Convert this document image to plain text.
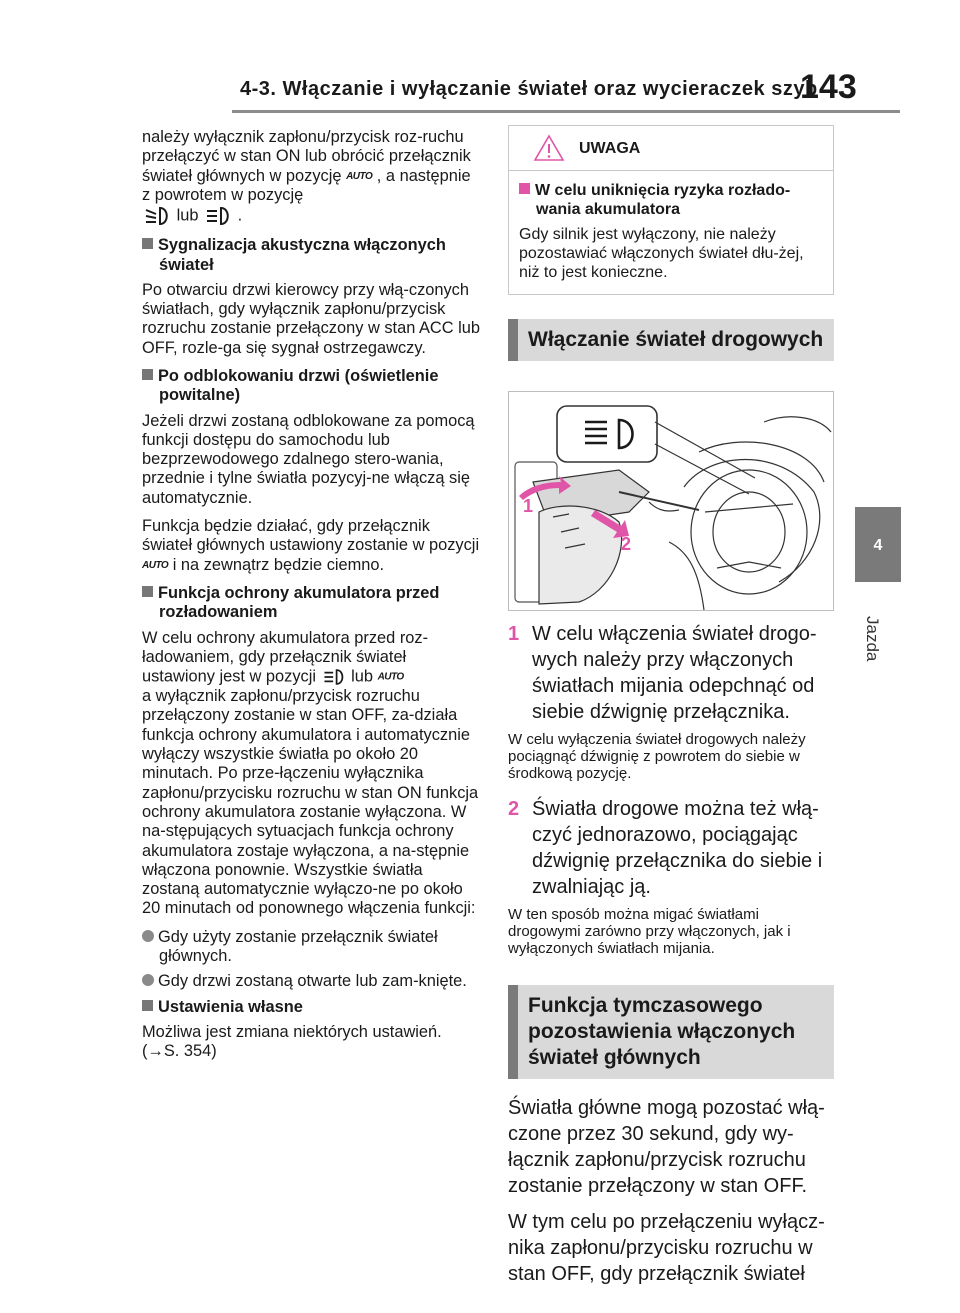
4-3. Włączanie i wyłączanie świateł oraz wycieraczek szyb
143
4
Jazda

należy wyłącznik zapłonu/przycisk roz-ruchu przełączyć w stan ON lub obrócić przełącznik świateł głównych w pozycję AUTO , a następnie z powrotem w pozycję
lub .

Sygnalizacja akustyczna włączonych świateł

Po otwarciu drzwi kierowcy przy włą-czonych światłach, gdy wyłącznik zapłonu/przycisk rozruchu zostanie przełączony w stan ACC lub OFF, rozle-ga się sygnał ostrzegawczy.

Po odblokowaniu drzwi (oświetlenie powitalne)

Jeżeli drzwi zostaną odblokowane za pomocą funkcji dostępu do samochodu lub bezprzewodowego zdalnego stero-wania, przednie i tylne światła pozycyj-ne włączą się automatycznie.

Funkcja będzie działać, gdy przełącznik świateł głównych ustawiony zostanie w pozycji AUTO i na zewnątrz będzie ciemno.

Funkcja ochrony akumulatora przed rozładowaniem

W celu ochrony akumulatora przed roz-ładowaniem, gdy przełącznik świateł ustawiony jest w pozycji lub AUTO
a wyłącznik zapłonu/przycisk rozruchu przełączony zostanie w stan OFF, za-działa funkcja ochrony akumulatora i automatycznie wyłączy wszystkie światła po około 20 minutach. Po prze-łączeniu wyłącznika zapłonu/przycisku rozruchu w stan ON funkcja ochrony akumulatora zostanie wyłączona. W na-stępujących sytuacjach funkcja ochrony akumulatora zostaje wyłączona, a na-stępnie włączona ponownie. Wszystkie światła zostaną automatycznie wyłączo-ne po około 20 minutach od ponownego włączenia funkcji:

Gdy użyty zostanie przełącznik świateł głównych.

Gdy drzwi zostaną otwarte lub zam-knięte.

Ustawienia własne

Możliwa jest zmiana niektórych ustawień. (→S. 354)

UWAGA
W celu uniknięcia ryzyka rozłado-wania akumulatora
Gdy silnik jest wyłączony, nie należy pozostawiać włączonych świateł dłu-żej, niż to jest konieczne.
Włączanie świateł drogowych
1
2
1 W celu włączenia świateł drogo-wych należy przy włączonych światłach mijania odepchnąć od siebie dźwignię przełącznika.
W celu wyłączenia świateł drogowych należy pociągnąć dźwignię z powrotem do siebie w środkową pozycję.
2 Światła drogowe można też włą-czyć jednorazowo, pociągając dźwignię przełącznika do siebie i zwalniając ją.
W ten sposób można migać światłami drogowymi zarówno przy włączonych, jak i wyłączonych światłach mijania.
Funkcja tymczasowego pozostawienia włączonych świateł głównych
Światła główne mogą pozostać włą-czone przez 30 sekund, gdy wy-łącznik zapłonu/przycisk rozruchu zostanie przełączony w stan OFF.
W tym celu po przełączeniu wyłącz-nika zapłonu/przycisku rozruchu w stan OFF, gdy przełącznik świateł
